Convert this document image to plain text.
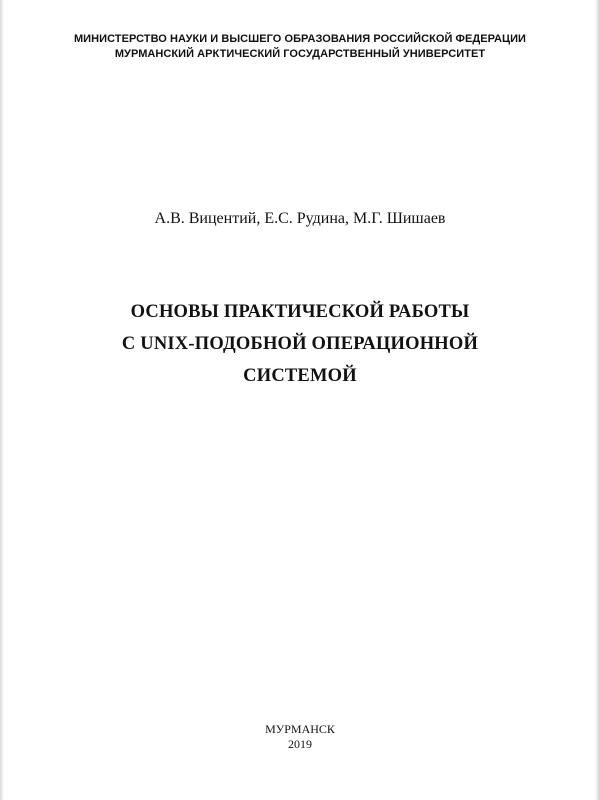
МИНИСТЕРСТВО НАУКИ И ВЫСШЕГО ОБРАЗОВАНИЯ РОССИЙСКОЙ ФЕДЕРАЦИИ
МУРМАНСКИЙ АРКТИЧЕСКИЙ ГОСУДАРСТВЕННЫЙ УНИВЕРСИТЕТ
А.В. Вицентий, Е.С. Рудина, М.Г. Шишаев
ОСНОВЫ ПРАКТИЧЕСКОЙ РАБОТЫ
С UNIX-ПОДОБНОЙ ОПЕРАЦИОННОЙ
СИСТЕМОЙ
МУРМАНСК
2019
